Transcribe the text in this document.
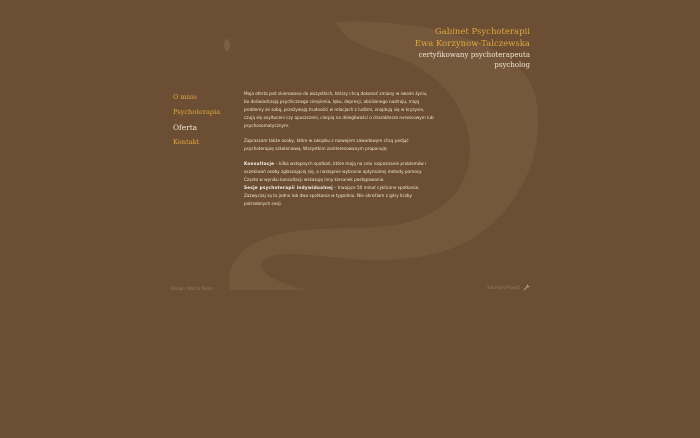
Gabinet Psychoterapii
Ewa Korzynow-Talczewska
certyfikowany psychoterapeuta
psycholog
O mnie
Psychoterapia
Oferta
Kontakt

Moja oferta jest skierowana do wszystkich, którzy chcą dokonać zmiany w swoim życiu, bo doświadczają psychicznego cierpienia, lęku, depresji, obniżonego nastroju, mają problemy ze sobą, przeżywają trudności w relacjach z ludźmi, znajdują się w kryzysie, czują się osyltuceni czy opuszczeni, cierpią na dolegliwości o charakterze nerwicowym lub psychosomatycznym.

Zapraszam także osoby, które w związku z rozwojem zawodowym chcą podjąć psychoterapię szkoleniową. Wszystkim zainteresowanym proponuję:

Konsultacje – kilka wstępnych spotkań, które mają na celu rozpoznanie problemów i oczekiwań osoby zgłaszającej się, a następnie wybranie optymalnej metody pomocy. Często w wyniku konsultacji wskazuję inny kierunek postępowania.

Sesje psychoterapii indywidualnej – trwające 50 minut cykliczne spotkania. Zazwyczaj są to jedno lub dwa spotkania w tygodniu. Nie określam z góry liczby potrzebnych sesji.

Design: Martin Pinter	Set Point Project
